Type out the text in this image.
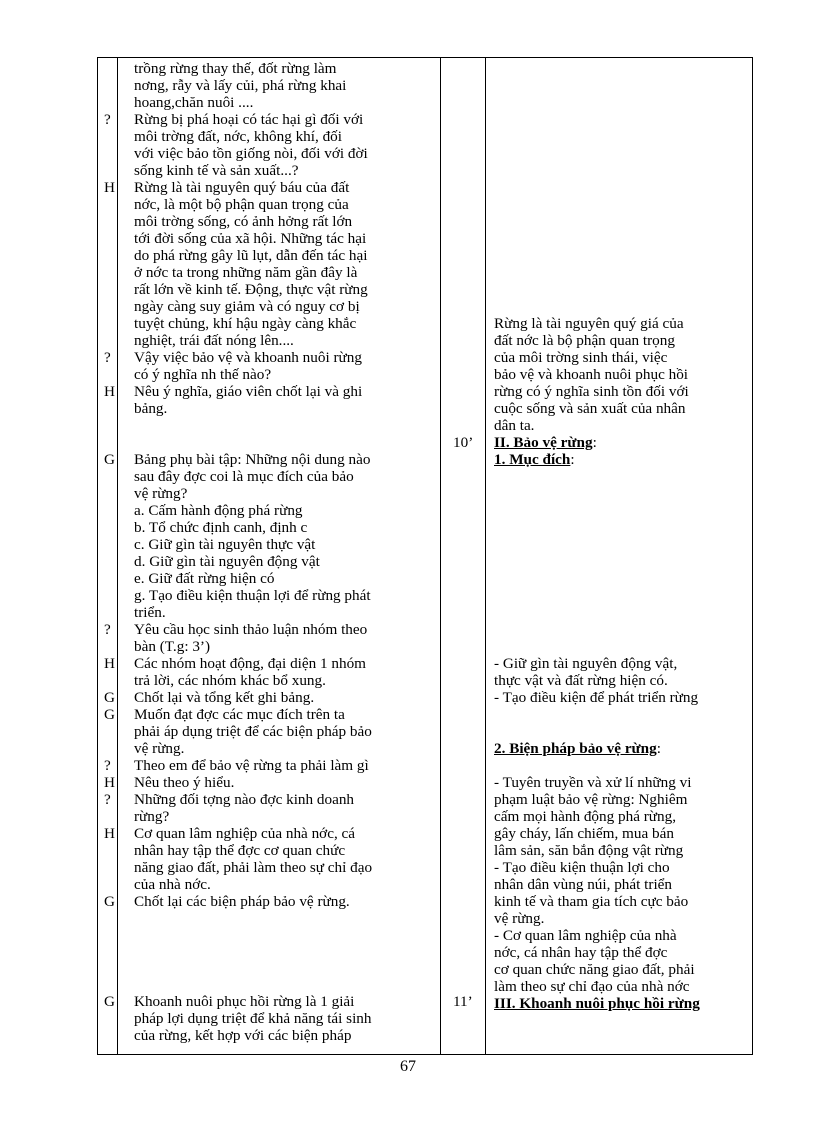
trồng rừng thay thế, đốt rừng làm
nơng, rẫy và lấy củi, phá rừng khai
hoang,chăn nuôi ....
Rừng bị phá hoại có tác hại gì đối với
môi trờng đất, nớc, không khí, đối
với việc bảo tồn giống nòi, đối với đời
sống kinh tế và sản xuất...?
Rừng là tài nguyên quý báu của đất
nớc, là một bộ phận quan trọng của
môi trờng sống, có ảnh hởng rất lớn
tới đời sống của xã hội. Những tác hại
do phá rừng gây lũ lụt, dẫn đến tác hại
ở nớc ta trong những năm gần đây là
rất lớn về kinh tế. Động, thực vật rừng
ngày càng suy giảm và có nguy cơ bị
tuyệt chủng, khí hậu ngày càng khắc
nghiệt, trái đất nóng lên....
Vậy việc bảo vệ và khoanh nuôi rừng
có ý nghĩa nh thế nào?
Nêu ý nghĩa, giáo viên chốt lại và ghi
bảng.
Bảng phụ bài tập: Những nội dung nào
sau đây đợc coi là mục đích của bảo
vệ rừng?
a. Cấm hành động phá rừng
b. Tổ chức định canh, định c
c. Giữ gìn tài nguyên thực vật
d. Giữ gìn tài nguyên động vật
e. Giữ đất rừng hiện có
g. Tạo điều kiện thuận lợi để rừng phát
triển.
Yêu cầu học sinh thảo luận nhóm theo
bàn (T.g: 3’)
Các nhóm hoạt động, đại diện 1 nhóm
trả lời, các nhóm khác bổ xung.
Chốt lại và tổng kết ghi bảng.
Muốn đạt đợc các mục đích trên ta
phải áp dụng triệt để các biện pháp bảo
vệ rừng.
Theo em để bảo vệ rừng ta phải làm gì
Nêu theo ý hiểu.
Những đối tợng nào đợc kinh doanh
rừng?
Cơ quan lâm nghiệp của nhà nớc, cá
nhân hay tập thể đợc cơ quan chức
năng giao đất, phải làm theo sự chỉ đạo
của nhà nớc.
Chốt lại các biện pháp bảo vệ rừng.
Khoanh nuôi phục hồi rừng là 1 giải
pháp lợi dụng triệt để khả năng tái sinh
của rừng, kết hợp với các biện pháp
?
H
?
H
G
?
H
G
G
?
H
?
H
G
G
10’
11’
Rừng là tài nguyên quý giá của
đất nớc là bộ phận quan trọng
của môi trờng sinh thái, việc
bảo vệ và khoanh nuôi phục hồi
rừng có ý nghĩa sinh tồn đối với
cuộc sống và sản xuất của nhân
dân ta.
II. Bảo vệ rừng:
1. Mục đích:
- Giữ gìn tài nguyên động vật,
thực vật và đất rừng hiện có.
- Tạo điều kiện để phát triển rừng
2. Biện pháp bảo vệ rừng:
- Tuyên truyền và xử lí những vi
phạm luật bảo vệ rừng: Nghiêm
cấm mọi hành động phá rừng,
gây cháy, lấn chiếm, mua bán
lâm sản, săn bắn động vật rừng
- Tạo điều kiện thuận lợi cho
nhân dân vùng núi, phát triển
kinh tế và tham gia tích cực bảo
vệ rừng.
- Cơ quan lâm nghiệp của nhà
nớc, cá nhân hay tập thể đợc
cơ quan chức năng giao đất, phải
làm theo sự chỉ đạo của nhà nớc
III. Khoanh nuôi phục hồi rừng
67
